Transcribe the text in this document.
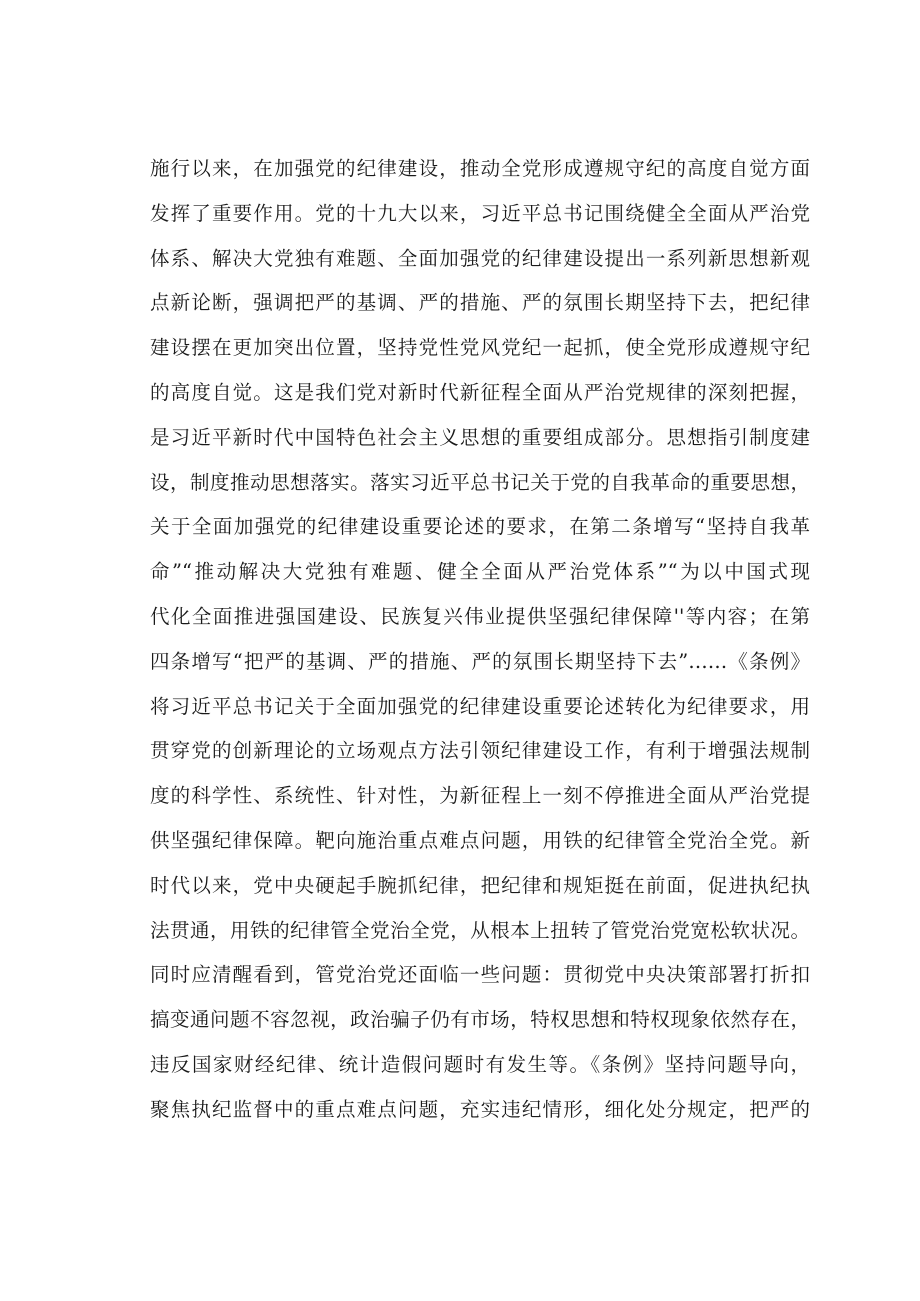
施行以来，在加强党的纪律建设，推动全党形成遵规守纪的高度自觉方面
发挥了重要作用。党的十九大以来，习近平总书记围绕健全全面从严治党
体系、解决大党独有难题、全面加强党的纪律建设提出一系列新思想新观
点新论断，强调把严的基调、严的措施、严的氛围长期坚持下去，把纪律
建设摆在更加突出位置，坚持党性党风党纪一起抓，使全党形成遵规守纪
的高度自觉。这是我们党对新时代新征程全面从严治党规律的深刻把握，
是习近平新时代中国特色社会主义思想的重要组成部分。思想指引制度建
设，制度推动思想落实。落实习近平总书记关于党的自我革命的重要思想，
关于全面加强党的纪律建设重要论述的要求，在第二条增写“坚持自我革
命”“推动解决大党独有难题、健全全面从严治党体系”“为以中国式现
代化全面推进强国建设、民族复兴伟业提供坚强纪律保障''等内容；在第
四条增写“把严的基调、严的措施、严的氛围长期坚持下去”……《条例》
将习近平总书记关于全面加强党的纪律建设重要论述转化为纪律要求，用
贯穿党的创新理论的立场观点方法引领纪律建设工作，有利于增强法规制
度的科学性、系统性、针对性，为新征程上一刻不停推进全面从严治党提
供坚强纪律保障。靶向施治重点难点问题，用铁的纪律管全党治全党。新
时代以来，党中央硬起手腕抓纪律，把纪律和规矩挺在前面，促进执纪执
法贯通，用铁的纪律管全党治全党，从根本上扭转了管党治党宽松软状况。
同时应清醒看到，管党治党还面临一些问题：贯彻党中央决策部署打折扣
搞变通问题不容忽视，政治骗子仍有市场，特权思想和特权现象依然存在，
违反国家财经纪律、统计造假问题时有发生等。《条例》坚持问题导向，
聚焦执纪监督中的重点难点问题，充实违纪情形，细化处分规定，把严的
